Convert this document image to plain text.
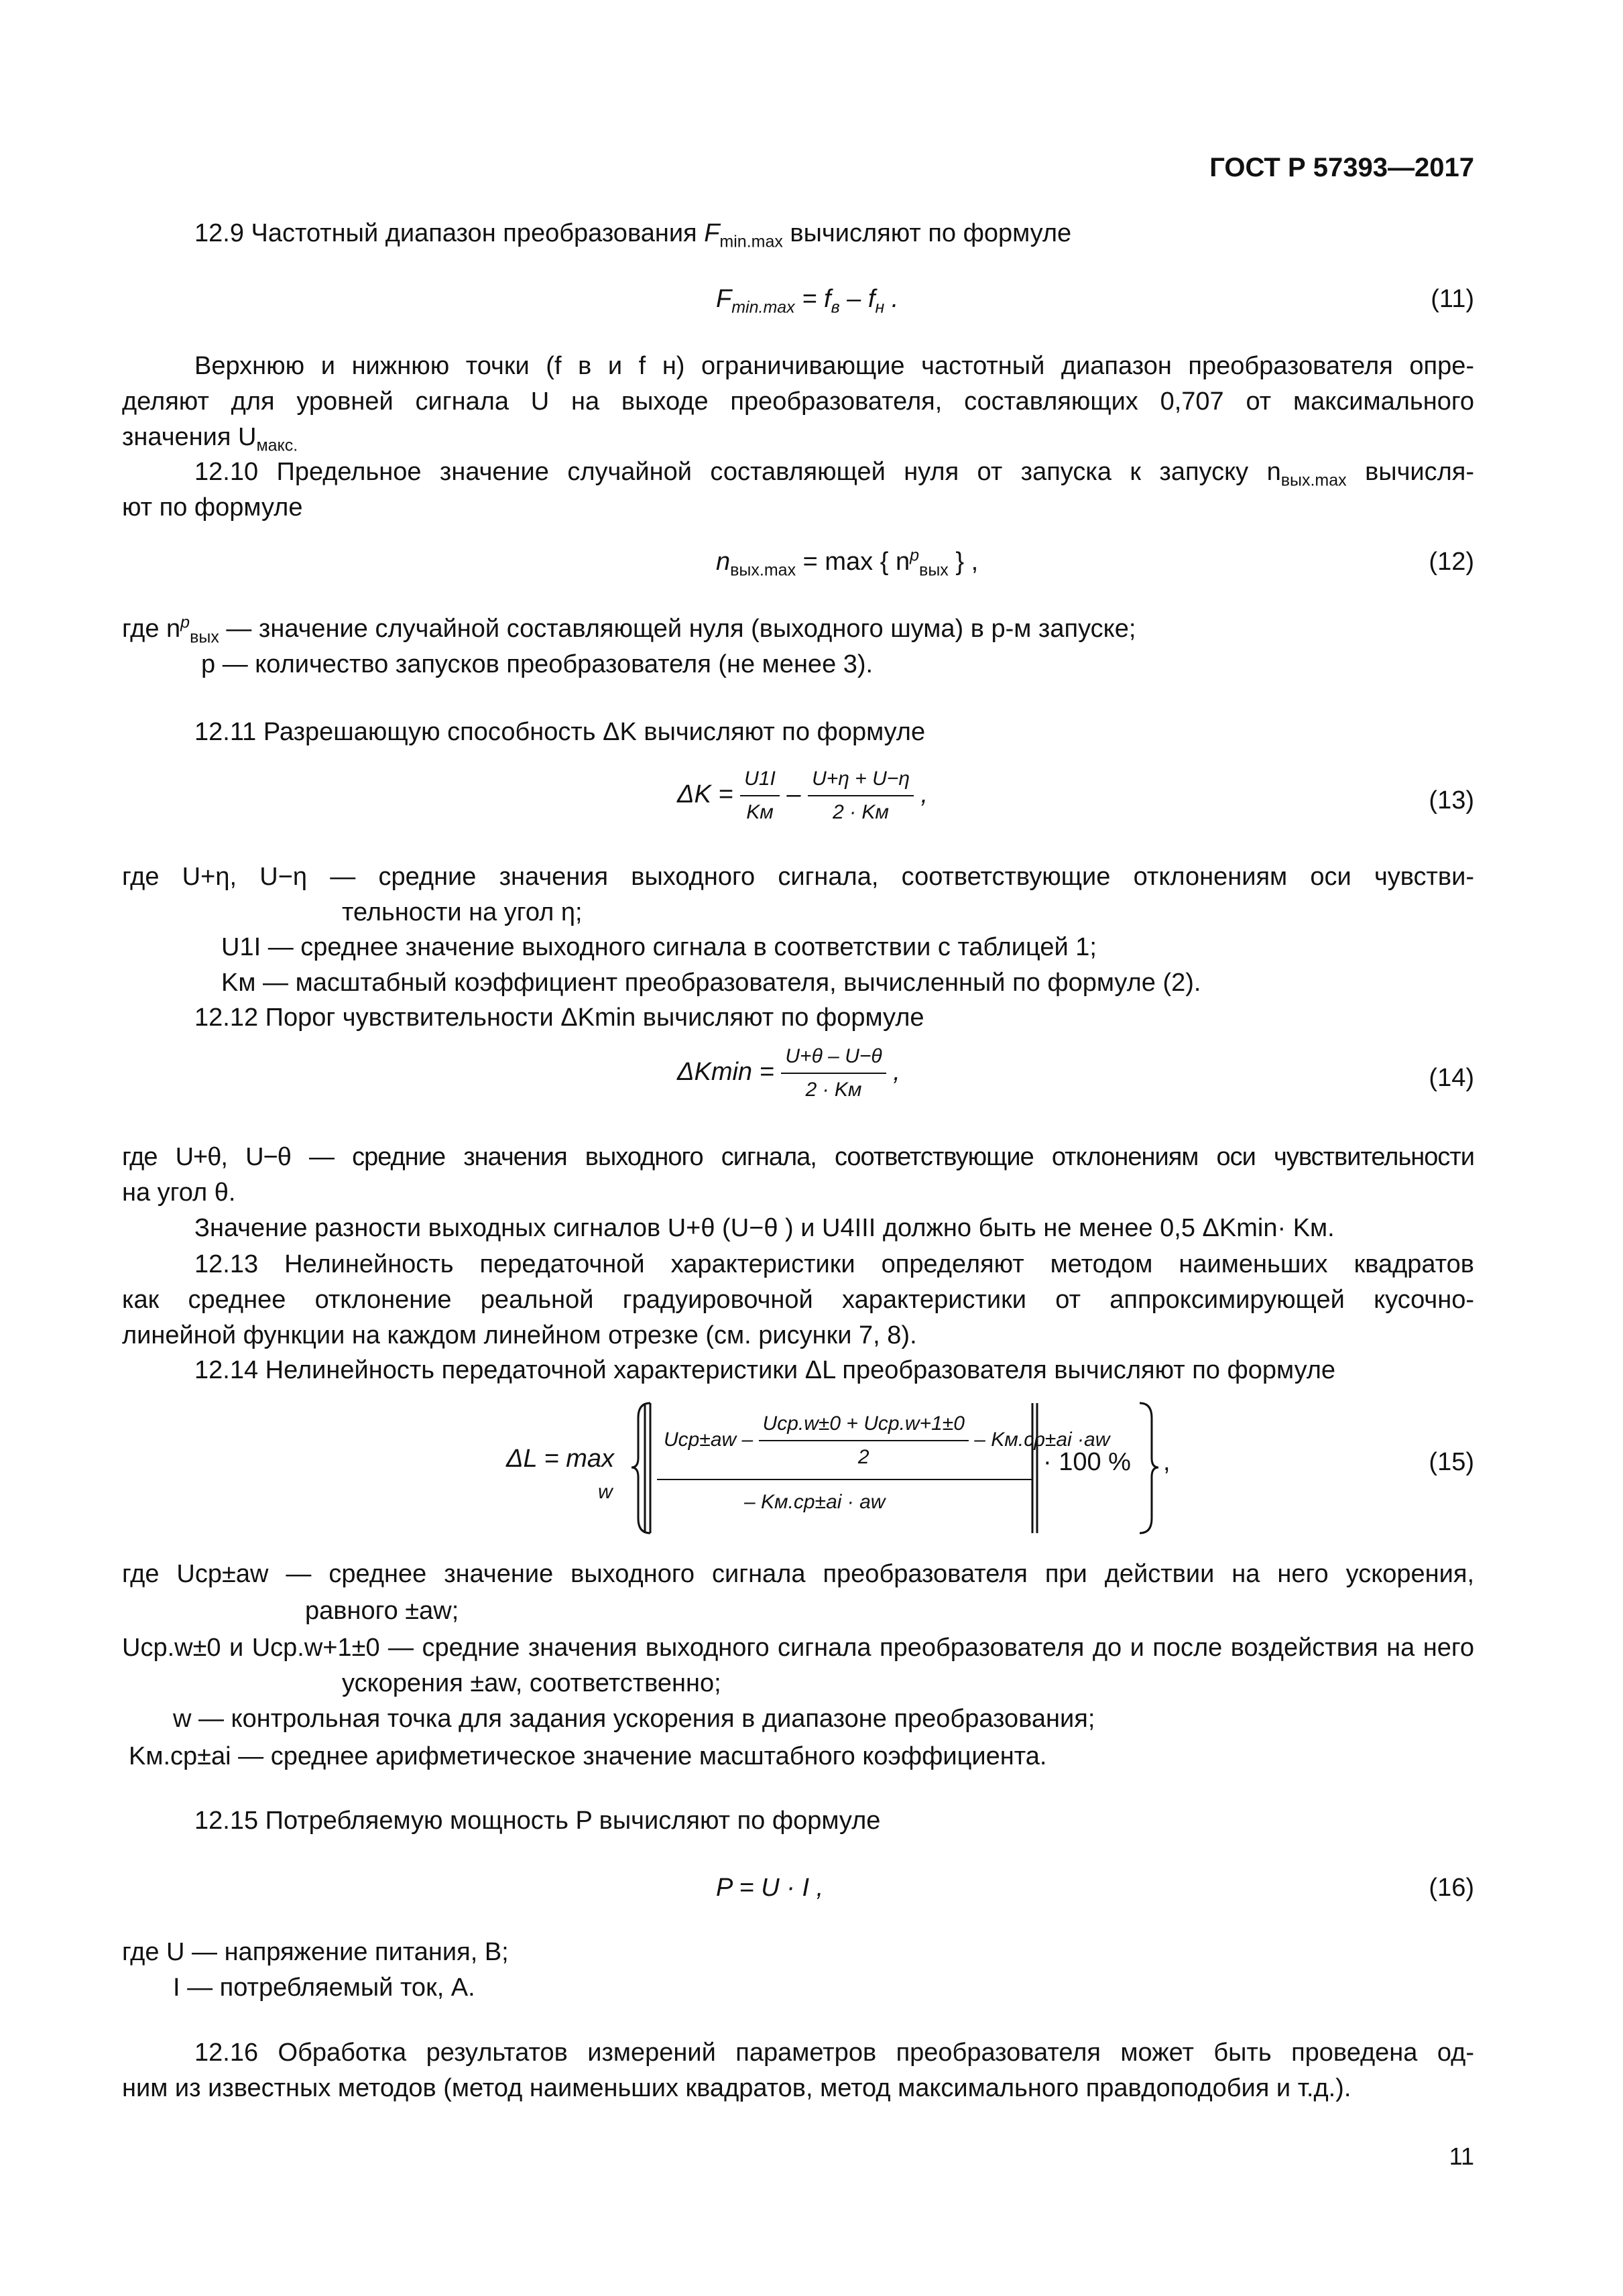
ГОСТ Р 57393—2017
12.9 Частотный диапазон преобразования $F_{min.max}$ вычисляют по формуле
$F_{min.max} = f_в - f_н$ .	(11)
Верхнюю и нижнюю точки (f в и f н) ограничивающие частотный диапазон преобразователя опре-
деляют для уровней сигнала U на выходе преобразователя, составляющих 0,707 от максимального
значения $U_{макс.}$
12.10 Предельное значение случайной составляющей нуля от запуска к запуску $n_{вых.max}$ вычисля-
ют по формуле
$n_{вых.max} = \max$ { $n^p_{вых}$ } ,	(12)
где $n^p_{вых}$ — значение случайной составляющей нуля (выходного шума) в p-м запуске;
p — количество запусков преобразователя (не менее 3).
12.11 Разрешающую способность ΔK вычисляют по формуле
$\Delta K = \frac{U1I}{Kм} - \frac{U+\eta + U-\eta}{2 \cdot Kм}$ ,	(13)
где U+η, U−η — средние значения выходного сигнала, соответствующие отклонениям оси чувстви-
тельности на угол η;
U1I — среднее значение выходного сигнала в соответствии с таблицей 1;
Kм — масштабный коэффициент преобразователя, вычисленный по формуле (2).
12.12 Порог чувствительности ΔKmin вычисляют по формуле
$\Delta Kmin = \frac{U+\theta - U-\theta}{2 \cdot Kм}$ ,	(14)
где U+θ, U−θ — средние значения выходного сигнала, соответствующие отклонениям оси чувствительности
на угол θ.
Значение разности выходных сигналов U+θ (U−θ ) и U4III должно быть не менее 0,5 ΔKmin· Kм.
12.13 Нелинейность передаточной характеристики определяют методом наименьших квадратов
как среднее отклонение реальной градуировочной характеристики от аппроксимирующей кусочно-
линейной функции на каждом линейном отрезке (см. рисунки 7, 8).
12.14 Нелинейность передаточной характеристики ΔL преобразователя вычисляют по формуле
ΔL = max
w
$Ucp\pm aw - \frac{\text{Ucp.w±0 + Ucp.w+1±0}}{2} - Kм.cp\pm ai \cdot aw$
– Kм.cp±ai · aw
· 100 % ,	(15)
где Ucp±aw — среднее значение выходного сигнала преобразователя при действии на него ускорения,
равного ±aw;
Ucp.w±0 и Ucp.w+1±0 — средние значения выходного сигнала преобразователя до и после воздействия на него
ускорения ±aw, соответственно;
w — контрольная точка для задания ускорения в диапазоне преобразования;
Kм.cp±ai — среднее арифметическое значение масштабного коэффициента.
12.15 Потребляемую мощность P вычисляют по формуле
P = U · I ,	(16)
где U — напряжение питания, В;
I — потребляемый ток, А.
12.16 Обработка результатов измерений параметров преобразователя может быть проведена од-
ним из известных методов (метод наименьших квадратов, метод максимального правдоподобия и т.д.).
11
